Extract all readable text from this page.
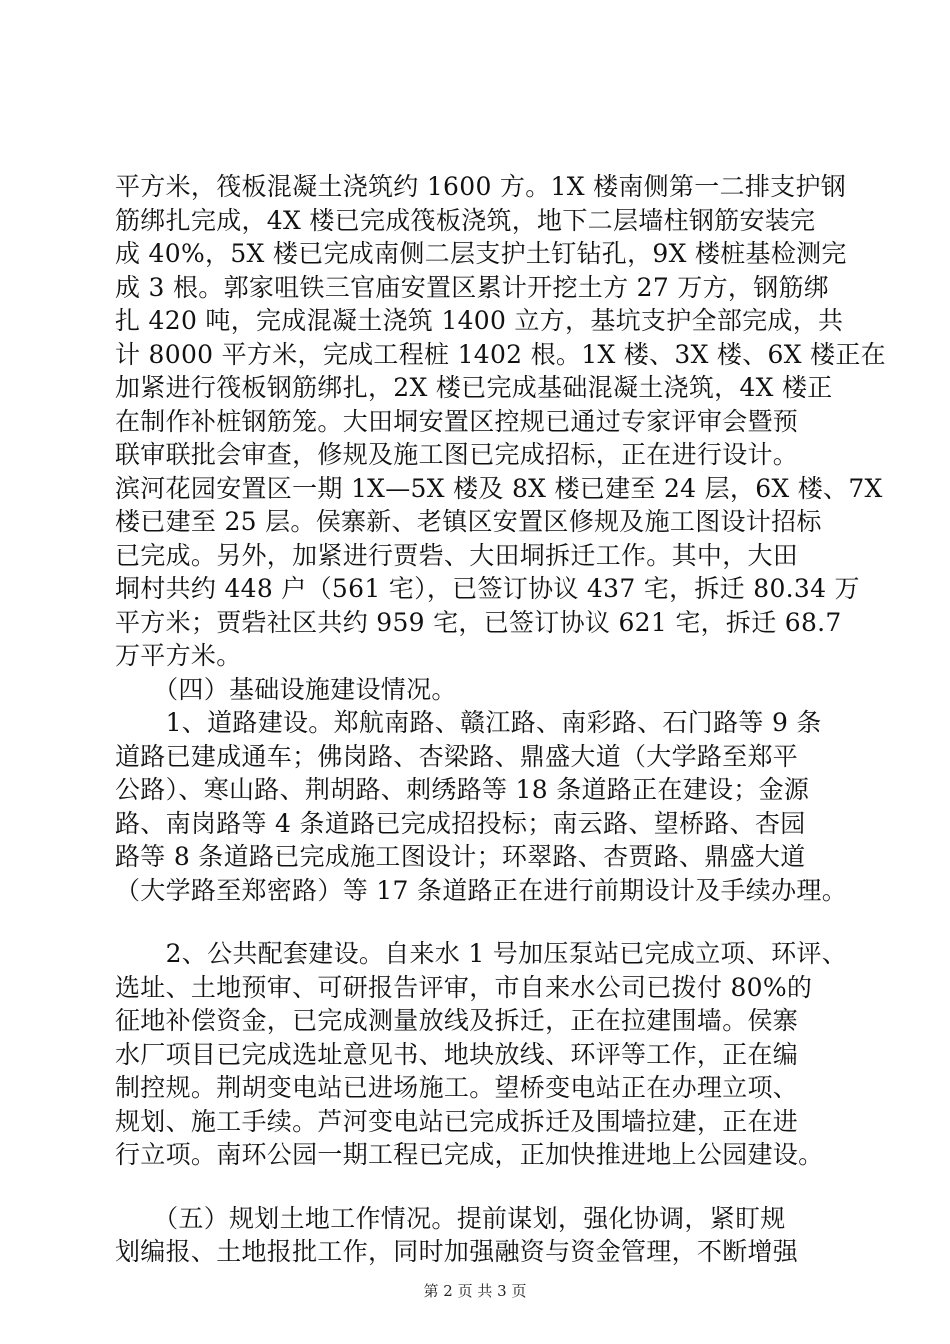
平方米，筏板混凝土浇筑约 1600 方。1X 楼南侧第一二排支护钢
筋绑扎完成，4X 楼已完成筏板浇筑，地下二层墙柱钢筋安装完
成 40%，5X 楼已完成南侧二层支护土钉钻孔，9X 楼桩基检测完
成 3 根。郭家咀铁三官庙安置区累计开挖土方 27 万方，钢筋绑
扎 420 吨，完成混凝土浇筑 1400 立方，基坑支护全部完成，共
计 8000 平方米，完成工程桩 1402 根。1X 楼、3X 楼、6X 楼正在
加紧进行筏板钢筋绑扎，2X 楼已完成基础混凝土浇筑，4X 楼正
在制作补桩钢筋笼。大田垌安置区控规已通过专家评审会暨预
联审联批会审查，修规及施工图已完成招标，正在进行设计。
滨河花园安置区一期 1X—5X 楼及 8X 楼已建至 24 层，6X 楼、7X
楼已建至 25 层。侯寨新、老镇区安置区修规及施工图设计招标
已完成。另外，加紧进行贾砦、大田垌拆迁工作。其中，大田
垌村共约 448 户（561 宅），已签订协议 437 宅，拆迁 80.34 万
平方米；贾砦社区共约 959 宅，已签订协议 621 宅，拆迁 68.7
万平方米。
　　（四）基础设施建设情况。
　　1、道路建设。郑航南路、赣江路、南彩路、石门路等 9 条
道路已建成通车；佛岗路、杏梁路、鼎盛大道（大学路至郑平
公路）、寒山路、荆胡路、刺绣路等 18 条道路正在建设；金源
路、南岗路等 4 条道路已完成招投标；南云路、望桥路、杏园
路等 8 条道路已完成施工图设计；环翠路、杏贾路、鼎盛大道
（大学路至郑密路）等 17 条道路正在进行前期设计及手续办理。
　　2、公共配套建设。自来水 1 号加压泵站已完成立项、环评、
选址、土地预审、可研报告评审，市自来水公司已拨付 80%的
征地补偿资金，已完成测量放线及拆迁，正在拉建围墙。侯寨
水厂项目已完成选址意见书、地块放线、环评等工作，正在编
制控规。荆胡变电站已进场施工。望桥变电站正在办理立项、
规划、施工手续。芦河变电站已完成拆迁及围墙拉建，正在进
行立项。南环公园一期工程已完成，正加快推进地上公园建设。
　　（五）规划土地工作情况。提前谋划，强化协调，紧盯规
划编报、土地报批工作，同时加强融资与资金管理，不断增强
第 2 页 共 3 页
